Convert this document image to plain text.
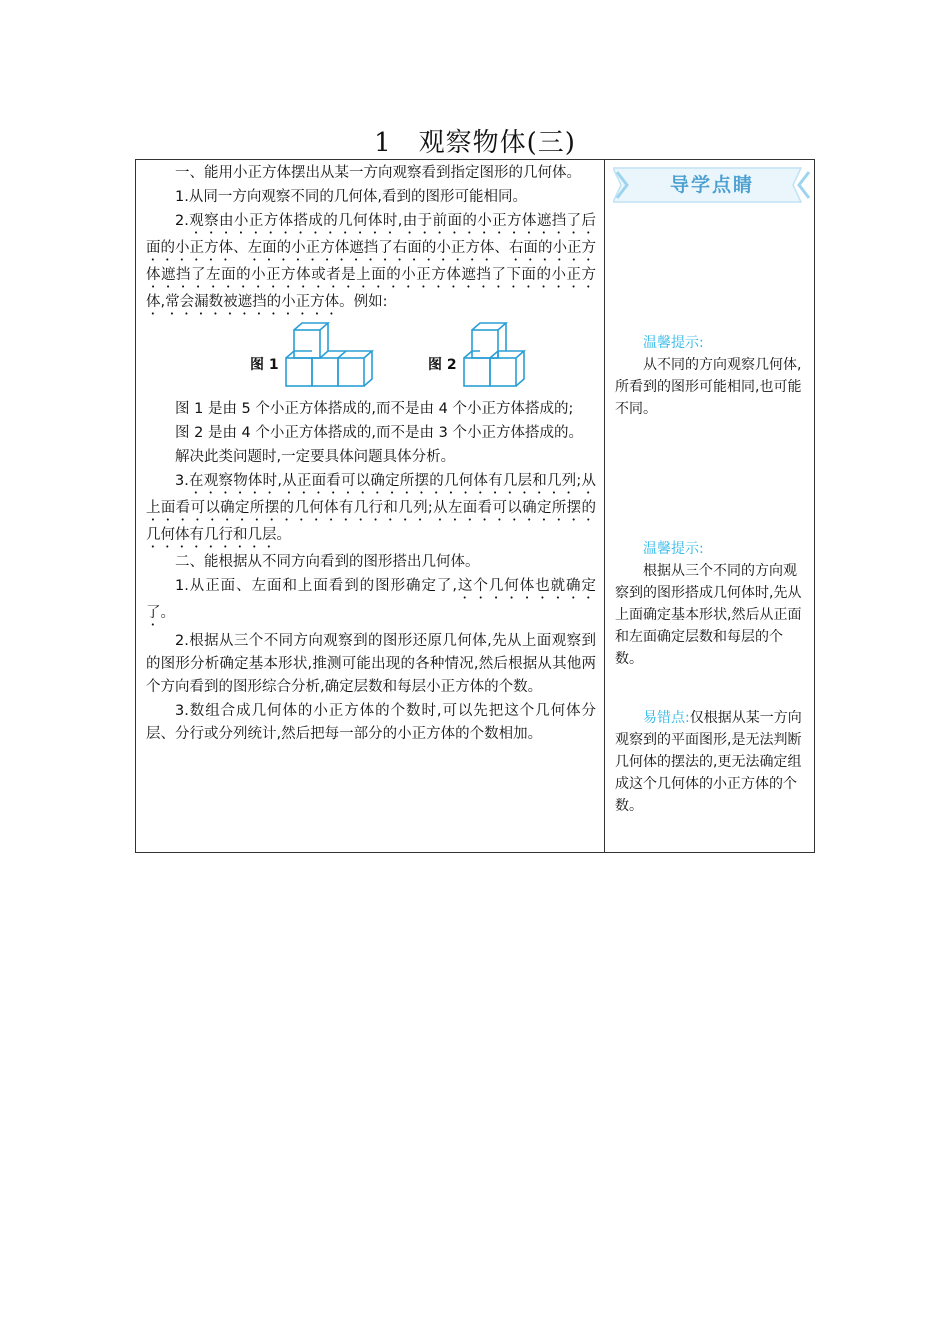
1　观察物体(三)

一、能用小正方体摆出从某一方向观察看到指定图形的几何体。

1.从同一方向观察不同的几何体,看到的图形可能相同。

2.观察由小正方体搭成的几何体时,由于前面的小正方体遮挡了后面的小正方体、左面的小正方体遮挡了右面的小正方体、右面的小正方体遮挡了左面的小正方体或者是上面的小正方体遮挡了下面的小正方体,常会漏数被遮挡的小正方体。例如:

图 1	图 2

图 1 是由 5 个小正方体搭成的,而不是由 4 个小正方体搭成的;

图 2 是由 4 个小正方体搭成的,而不是由 3 个小正方体搭成的。

解决此类问题时,一定要具体问题具体分析。

3.在观察物体时,从正面看可以确定所摆的几何体有几层和几列;从上面看可以确定所摆的几何体有几行和几列;从左面看可以确定所摆的几何体有几行和几层。

二、能根据从不同方向看到的图形搭出几何体。

1.从正面、左面和上面看到的图形确定了,这个几何体也就确定了。

2.根据从三个不同方向观察到的图形还原几何体,先从上面观察到的图形分析确定基本形状,推测可能出现的各种情况,然后根据从其他两个方向看到的图形综合分析,确定层数和每层小正方体的个数。

3.数组合成几何体的小正方体的个数时,可以先把这个几何体分层、分行或分列统计,然后把每一部分的小正方体的个数相加。

导学点睛
温馨提示:
从不同的方向观察几何体,所看到的图形可能相同,也可能不同。
温馨提示:
根据从三个不同的方向观察到的图形搭成几何体时,先从上面确定基本形状,然后从正面和左面确定层数和每层的个数。
易错点:仅根据从某一方向观察到的平面图形,是无法判断几何体的摆法的,更无法确定组成这个几何体的小正方体的个数。
